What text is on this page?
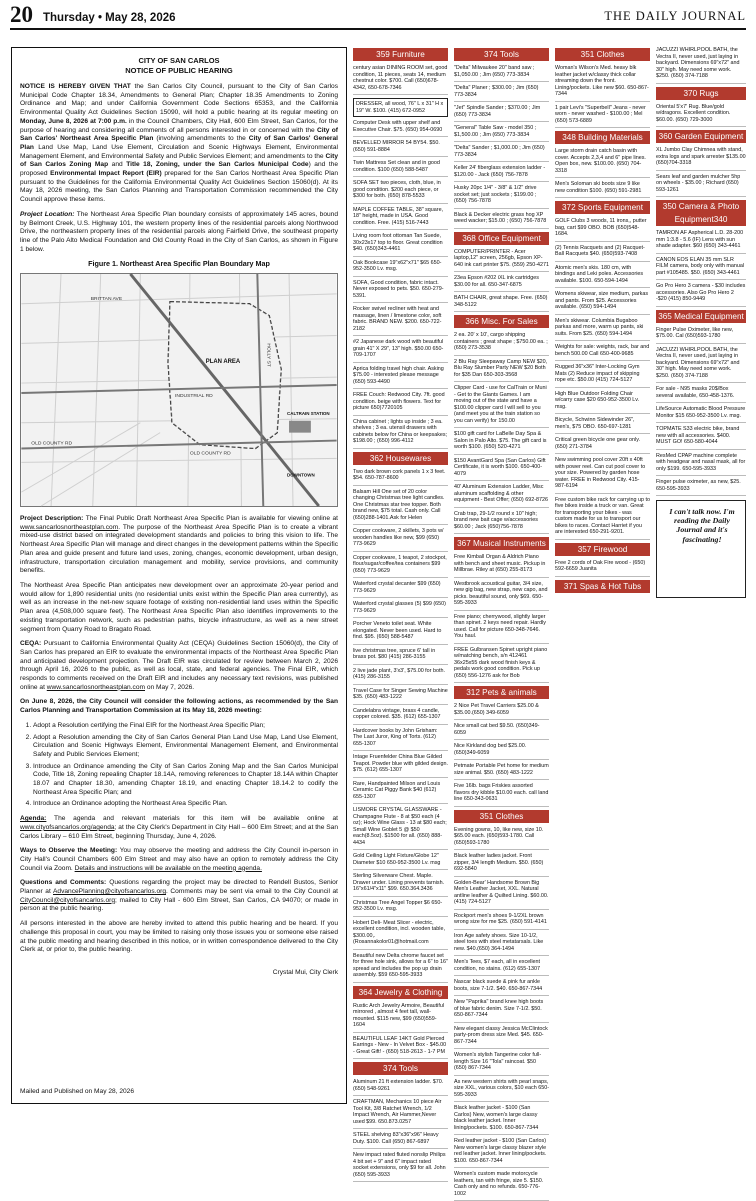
20 Thursday • May 28, 2026	THE DAILY JOURNAL
CITY OF SAN CARLOS
NOTICE OF PUBLIC HEARING

NOTICE IS HEREBY GIVEN THAT the San Carlos City Council, pursuant to the City of San Carlos Municipal Code Chapter 18.34, Amendments to General Plan; Chapter 18.35 Amendments to Zoning Ordinance and Map; and under California Government Code Sections 65353, and the California Environmental Quality Act Guidelines Section 15090, will hold a public hearing at its regular meeting on Monday, June 8, 2026 at 7:00 p.m. in the Council Chambers, City Hall, 600 Elm Street, San Carlos, for the purpose of hearing and considering all comments of all persons interested in or concerned with the City of San Carlos' Northeast Area Specific Plan (involving amendments to the City of San Carlos' General Plan Land Use Map, Land Use Element, Circulation and Scenic Highways Element, Environmental Management Element, and Environmental Safety and Public Services Element; and amendments to the City of San Carlos Zoning Map and Title 18, Zoning, under the San Carlos Municipal Code) and the proposed Environmental Impact Report (EIR) prepared for the San Carlos Northeast Area Specific Plan pursuant to the Guidelines for the California Environmental Quality Act Guidelines Section 15060(d). At its May 18, 2026 meeting, the San Carlos Planning and Transportation Commission recommended the City Council approve these items.

Project Location: The Northeast Area Specific Plan boundary consists of approximately 145 acres, bound by Belmont Creek, U.S. Highway 101, the western property lines of the residential parcels along Northwood Drive, the northeastern property lines of the residential parcels along Fairfield Drive, the southeast property line of the Palo Alto Medical Foundation and Old County Road in the City of San Carlos, as shown in Figure 1 below.

Figure 1. Northeast Area Specific Plan Boundary Map
BRITTAN AVE
INDUSTRIAL RD
HOLLY ST
OLD COUNTY RD
CALTRAIN STATION
DOWNTOWN
OLD COUNTY RD
PLAN AREA

Project Description: The Final Public Draft Northeast Area Specific Plan is available for viewing online at www.sancarlosnortheastplan.com. The purpose of the Northeast Area Specific Plan is to create a vibrant mixed-use district based on integrated development standards and policies to bring this vision to life. The Northeast Area Specific Plan will manage and direct changes in the development patterns within the Specific Plan area and guide present and future land uses, zoning, changes, economic development, urban design, infrastructure, transportation circulation management and mobility, service provisions, and community benefits.

The Northeast Area Specific Plan anticipates new development over an approximate 20-year period and would allow for 1,890 residential units (no residential units exist within the Specific Plan area currently), as well as an increase in the net-new square footage of existing non-residential land uses within the Specific Plan area (4,508,000 square feet). The Northeast Area Specific Plan also identifies improvements to the existing transportation network, such as pedestrian paths, bicycle infrastructure, as well as a new street segment from Quarry Road to Bragato Road.

CEQA: Pursuant to California Environmental Quality Act (CEQA) Guidelines Section 15060(d), the City of San Carlos has prepared an EIR to evaluate the environmental impacts of the Northeast Area Specific Plan and anticipated development projection. The Draft EIR was circulated for review between March 2, 2026 through April 16, 2026 to the public, as well as local, state, and federal agencies. The Final EIR, which responds to comments received on the Draft EIR and includes any necessary text revisions, was published online at www.sancarlosnortheastplan.com on May 7, 2026.

On June 8, 2026, the City Council will consider the following actions, as recommended by the San Carlos Planning and Transportation Commission at its May 18, 2026 meeting:

1. Adopt a Resolution certifying the Final EIR for the Northeast Area Specific Plan;
2. Adopt a Resolution amending the City of San Carlos General Plan Land Use Map, Land Use Element, Circulation and Scenic Highways Element, Environmental Management Element, and Environmental Safety and Public Services Element;
3. Introduce an Ordinance amending the City of San Carlos Zoning Map and the San Carlos Municipal Code, Title 18, Zoning repealing Chapter 18.14A, removing references to Chapter 18.14A within Chapter 18.07 and Chapter 18.30, amending Chapter 18.19, and enacting Chapter 18.14.2 to codify the Northeast Area Specific Plan; and
4. Introduce an Ordinance adopting the Northeast Area Specific Plan.

Agenda: The agenda and relevant materials for this item will be available online at www.cityofsancarlos.org/agenda; at the City Clerk's Department in City Hall – 600 Elm Street; and at the San Carlos Library – 610 Elm Street, beginning Thursday, June 4, 2026.

Ways to Observe the Meeting: You may observe the meeting and address the City Council in-person in City Hall's Council Chambers 600 Elm Street and may also have an option to remotely address the City Council via Zoom. Details and instructions will be available on the meeting agenda.

Questions and Comments: Questions regarding the project may be directed to Rendell Bustos, Senior Planner at AdvancePlanning@cityofsancarlos.org. Comments may be sent via email to the City Council at CityCouncil@cityofsancarlos.org; mailed to City Hall - 600 Elm Street, San Carlos, CA 94070; or made in person at the public hearing.

All persons interested in the above are hereby invited to attend this public hearing and be heard. If you challenge this proposal in court, you may be limited to raising only those issues you or someone else raised at the public meeting and hearing described in this notice, or in written correspondence delivered to the City Clerk at, or prior to, the public hearing.

Crystal Mui, City Clerk
Mailed and Published on May 28, 2026
359 Furniture
century asian DINING ROOM set, good condition, 11 pieces, seats 14, medium chestnut color. $700. Call (650)678-4342, 650-678-7346
DRESSER, all wood, 76" L x 31" H x 19" W. $100. (415) 672-0952
Computer Desk with upper shelf and Executive Chair. $75. (650) 954-0690
BEVELLED MIRROR 54 BY54. $50. (650) 591-8884
Twin Mattress Set clean and in good condition. $100 (650) 588-5487
SOFA SET two pieces, cloth, blue, in good condition. $200 each piece, or $300 for both. (650) 878-5533
MAPLE COFFEE TABLE, 38" square, 18" height, made in USA. Good condition. Free. (415) 516-7443
Living room foot ottoman Tan Suede, 30x23x17 top to floor. Great condition $40. (650)343-4461
Oak Bookcase 19"x62"x71" $65 650-952-3500 Lv. msg.
SOFA, Good condition, fabric intact. Never exposed to pets. $50. 650-279-5391.
Rocker swivel recliner with heat and massage, linen / limestone color, soft fabric. BRAND NEW. $200. 650-722-2182
#2 Japanese dark wood with beautiful grain 41" X 29", 13" high. $50.00 650-709-1707
Aprica folding travel high chair. Asking $75.00 - interested please message (650) 593-4490
FREE Couch: Redwood City. 7ft. good condition. beige with flowers. Text for picture 650)7720105
China cabinet ; lights up inside ; 3 ea. shelves ; 3 ea. utensil drawers with cabinets below for China or keepsakes; $198.00 ; (650) 996-4112
362 Housewares
Two dark brown cork panels 1 x 3 feet. $54. 650-787-8600
Balsam Hill One set of 20 color changing Christmas tree light candles. One Christmas star tree topper. Both brand new, $75 total. Cash only. Call (650)288-1401.Ask for Helen
Copper cookware, 2 skillets, 3 pots w/ wooden handles like new, $99 (650) 773-9629
Copper cookware, 1 teapot, 2 stockpot, flour/sugar/coffee/tea containers $99 (650) 773-9629
Waterford crystal decanter $99 (650) 773-9629
Waterford crystal glasses (5) $99 (650) 773-9629
Porcher Veneto toilet seat. White elongated. Never been used. Hard to find. $95. (650) 588-5487
live christmas tree, spruce 6' tall in brass pot. $80 (415) 286-3155
2 live jade plant, 3'x3', $75.00 for both. (415) 286-3155
Travel Case for Singer Sewing Machine $35. (650) 483-1222
Candelabra vintage, brass 4 candle, copper colored. $35. (612) 655-1307
Hardcover books by John Grisham: The Last Juror, King of Torts. (612) 655-1307
Intage Fruenfelder China Blue Gilded Teapot. Powder blue with gilded design. $75. (612) 655-1307
Rare, Handpainted Milson and Louis Ceramic Cat Piggy Bank $40 (612) 655-1307
LISMORE CRYSTAL GLASSWARE - Champagne Flute - 8 at $50 each (4 oz); Hock Wine Glass - 13 at $80 each; Small Wine Goblet 5 @ $50 each(8.5oz). $1500 for all. (650) 888-4434
Gold Ceiling Light Fixture/Globe 12" Diameter $10 650-952-3500 Lv. msg
Sterling Silverware Chest. Maple. Drawer under. Lining prevents tarnish. 16"x61/4"x11" $99. 650.364.3436
Christmas Tree Angel Topper $6 650-952-3500 Lv. msg.
Hobert Deli- Meat Slicer - electric, excellent condition, incl. wooden table, $300.00,. (Rosannakolor01@hotmail.com
Beautiful new Delta chrome faucet set for three hole sink, allows for a 6" to 16" spread and includes the pop up drain assembly. $59 650-595-3933
364 Jewelry & Clothing
Rustic Arch Jewelry Armoire, Beautiful mirrored , almost 4 feet tall, wall-mounted. $115 new, $99 (650)559-1604
BEAUTIFUL LEAF 14KT Gold Pierced Earrings - New - In Velvet Box - $45.00 - Great Gift! - (650) 518-2613 - 1-7 PM
374 Tools
Aluminum 21 ft extension ladder. $70. (650) 548-9261
CRAFTMAN, Mechanics 10 piece Air Tool Kit, 3/8 Ratchet Wrench, 1/2 Impact Wrench, Air Hammer,Never used $99. 650.873.0257
STEEL shelving 83"x36"x96" Heavy Duty. $100. Call (650) 867-6897
New impact rated fluted nonslip Philips 4 bit set + 9" and 6" impact rated socket extensions, only $9 for all. John (650) 595-3933
374 Tools
"Delta" Milwaukee 20" band saw ; $1,050.00 ; Jim (650) 773-3834
"Delta" Planer ; $300.00 ; Jim (650) 773-3834
"Jet" Spindle Sander ; $370.00 ; Jim (650) 773-3834
"General" Table Saw - model 350 ; $1,500.00 ; Jim (650) 773-3834
"Delta" Sander ; $1,000.00 ; Jim (650) 773-3834
Keller 24' fiberglass extension ladder - $120.00 - Jack (650) 756-7878
Husky 20pc 1/4" - 3/8" & 1/2" drive socket set; just sockets ; $199.00 ; (650) 756-7878
Black & Decker electric grass hog XP weed wacker; $15.00 ; (650) 756-7878
368 Office Equipment
COMPUTER/PRINTER - Acer laptop,12" screen, 256gb, Epson XP-640 ink cart printer $75. (559) 250-4271
23ea Epson #202 iXL ink cartridges $30.00 for all. 650-347-6875
BATH CHAIR, great shape. Free. (650) 348-5122
366 Misc. For Sales
2 ea. 20' x 10', cargo shipping containers ; great shape ; $750.00 ea. ; (650) 273-3538
2 Blu Ray Sleepaway Camp NEW $20, Blu Ray Slumber Party NEW $20 Both for $35 Dan 650-303-3568
Clipper Card - use for CalTrain or Muni - Get to the Giants Games. I am moving out of the state and have a $100.00 clipper card I will sell to you (and meet you at the train station so you can verify) for 150.00
$100 gift card for LaBelle Day Spa & Salon in Palo Alto. $75. The gift card is worth $100. (650) 520-4271
$150 AvantGard Spa (San Carlos) Gift Certificate, it is worth $100. 650-400-4079
40' Aluminum Extension Ladder, Misc aluminum scaffolding & other equipment - Best Offer; (650) 692-8726
Crab trap, 29-1/2 round x 10" high; brand new bait cage w/accessories $60.00 ; Jack (650)756-7878
367 Musical Instruments
Free Kimball Organ & Aldrich Piano with bench and sheet music. Pickup in Millbrae. Riley at (650) 255-8173
Westbrook acoustical guitar, 3/4 size, new gig bag, new strap, new capo, and picks. beautiful sound, only $69. 650-595-3933
Free piano; cherrywood, slightly larger than spinet. 2 keys need repair. Hardly used. Call for picture 650-348-7646. You haul.
FREE Gulbransen Spinet upright piano w/matching bench, s/n 412461 36x25x55 dark wood finish keys & pedals work good condition. Pick up (650) 556-1276 ask for Bob
312 Pets & animals
2 Nice Pet Travel Carriers $25.00 & $35.00.(650) 349-6059
Nice small cat bed $9.50. (650)349-6059
Nice Kirkland dog bed $25.00. (650)349-6059
Petmate Portable Pet home for medium size animal. $50. (650) 483-1222
Five 16lb. bags Friskies assorted flavors dry kibble $10.00 each. call land line 650-343-0631
351 Clothes
Evening gowns, 10, like new, size 10. $65.00 each. (650)593-1780. Call (650)593-1780
Black leather ladies jacket. Front zipper, 3/4 length Medium. $50. (650) 692-5840
Golden-Bear' Handsome Brown Big Men's Leather Jacket, XXL. Natural antline leather & Quilted Lining. $60.00. (415) 724-5127
Rockport men's shoes 9-1/2XL brown wrong size for me $25. (650) 591-4141
Iron Age safety shoes. Size 10-1/2, steel toes with steel metatarsals. Like new. $40.(650) 364-1494
Men's Tees, $7 each, all in excellent condition, no stains. (612) 655-1307
Nascar black suede & pink fur ankle boots, size 7-1/2. $40. 650-867-7344
New "Paprika" brand knee high boots of blue fabric denim. Size 7-1/2. $50. 650-867-7344
New elegant classy Jessica McClintock party-prom dress size Med. $45. 650-867-7344
Women's stylish Tangerine color full-length Size 16 "Tola" raincoat. $50 (650) 867-7344
As new western shirts with pearl snaps, size XXL, various colors, $10 each 650-595-3933
Black leather jacket - $100 (San Carlos) New, women's large classy black leather jacket. Inner lining/pockets. $100. 650-867-7344
Red leather jacket - $100 (San Carlos) New women's large classy blazer style red leather jacket. Inner lining/pockets. $100. 650-867-7344
Women's custom made motorcycle leathers, tan with fringe, size 5. $150. Cash only and no refunds. 650-776-1002
351 Clothes
Woman's Wilson's Med. heavy blk leather jacket w/classy thick collar streaming down the front. Lining/pockets. Like new $60. 650-867-7344
1 pair Levi's "Superbell" Jeans - never worn - never washed - $100.00 ; Mel (650) 573-6889
348 Building Materials
Large storm drain catch basin with cover. Accepts 2,3,4 and 6" pipe lines. Open box, new. $100.00. (650) 704-3318
Men's Soloman ski boots size 9 like new condition $100. (650) 591-2981
372 Sports Equipment
GOLF Clubs 3 woods, 11 irons,, putter bag, cart $99 OBO. BOB (650)548-1684.
(2) Tennis Racquets and (2) Racquet-Ball Racquets $40. (650)593-7408
Atomic men's skis. 180 cm, with bindings and Leki poles. Accessories available. $100. 650-594-1494
Womens skiwear, size medium, parkas and pants. From $25. Accessories available. (650) 594-1494
Men's skiwear. Columbia Bugaboo parkas and more, warm up pants, ski suits. From $25. (650) 594-1494
Weights for sale: weights, rack, bar and bench 500.00 Call 650-400-9685
Rugged 36"x36" Inter-Locking Gym Mats (2) Reduce impact of skipping rope etc. $50.00 (415) 724-5127
High Blue Outdoor Folding Chair w/carry case $20 650-952-3500 Lv. msg.
Bicycle, Schwinn Sidewinder 26", men's, $75 OBO. 650-697-1281
Critical green bicycle one gear only. (650) 271-3784
New swimming pool cover 20ft x 40ft with power reel. Can cut pool cover to your size. Powered by garden hose water. FREE in Redwood City. 415-987-6194
Free custom bike rack for carrying up to five bikes inside a truck or van. Great for transporting your bikes - was custom made for us to transport our bikes to races. Contact Harriet if you are interested 650-291-9201.
357 Firewood
Free 2 cords of Oak Fire wood - (650) 592-6659 Juanita
371 Spas & Hot Tubs
JACUZZI WHIRLPOOL BATH, the Vectra II, never used, just laying in backyard. Dimensions 69"x72" and 30" high. May need some work. $250. (650) 374-7188
370 Rugs
Oriental 5'x7' Rug. Blue/gold w/dragons. Excellent condition. $60.00. (650) 729-3000
360 Garden Equipment
XL Jumbo Clay Chimnea with stand, extra logs and spark arrester $135.00 (650)704-3318
Sears leaf and garden mulcher 5hp on wheels - $35.00 ; Richard (650) 593-1261
350 Camera & Photo Equipment340
TAMRON AF Aspherical L.D. 28-200 mm 1:3.8 - 5.6 (IF) Lens with sun shade adapter. $60 (650) 343-4461
CANON EOS ELAN 35 mm SLR FILM camera, body only with manual part #105485. $50. (650) 343-4461
Go Pro Hero 3 camera - $30 includes accessories. Also Go Pro Hero 2 -$20 (415) 850-9449
365 Medical Equipment
Finger Pulse Oximeter, like new, $75.00. Cal (650)593-1780
JACUZZI WHIRLPOOL BATH, the Vectra II, never used, just laying in backyard. Dimensions 69"x72" and 30" high. May need some work. $250. (650) 374-7188
For sale - N95 masks 20$/Box several available, 650-458-1376.
LifeSource Automatic Blood Pressure Monitor $15 650-952-3500 Lv. msg.
TOPMATE S33 electric bike, brand new with all accessories. $400. MUST GO! 650-580-4044
ResMed CPAP machine complete with headgear and nasal mask, all for only $199. 650-595-3933
Finger pulse oximeter, as new, $25. 650-595-3933
I can't talk now. I'm reading the Daily Journal and it's fascinating!
